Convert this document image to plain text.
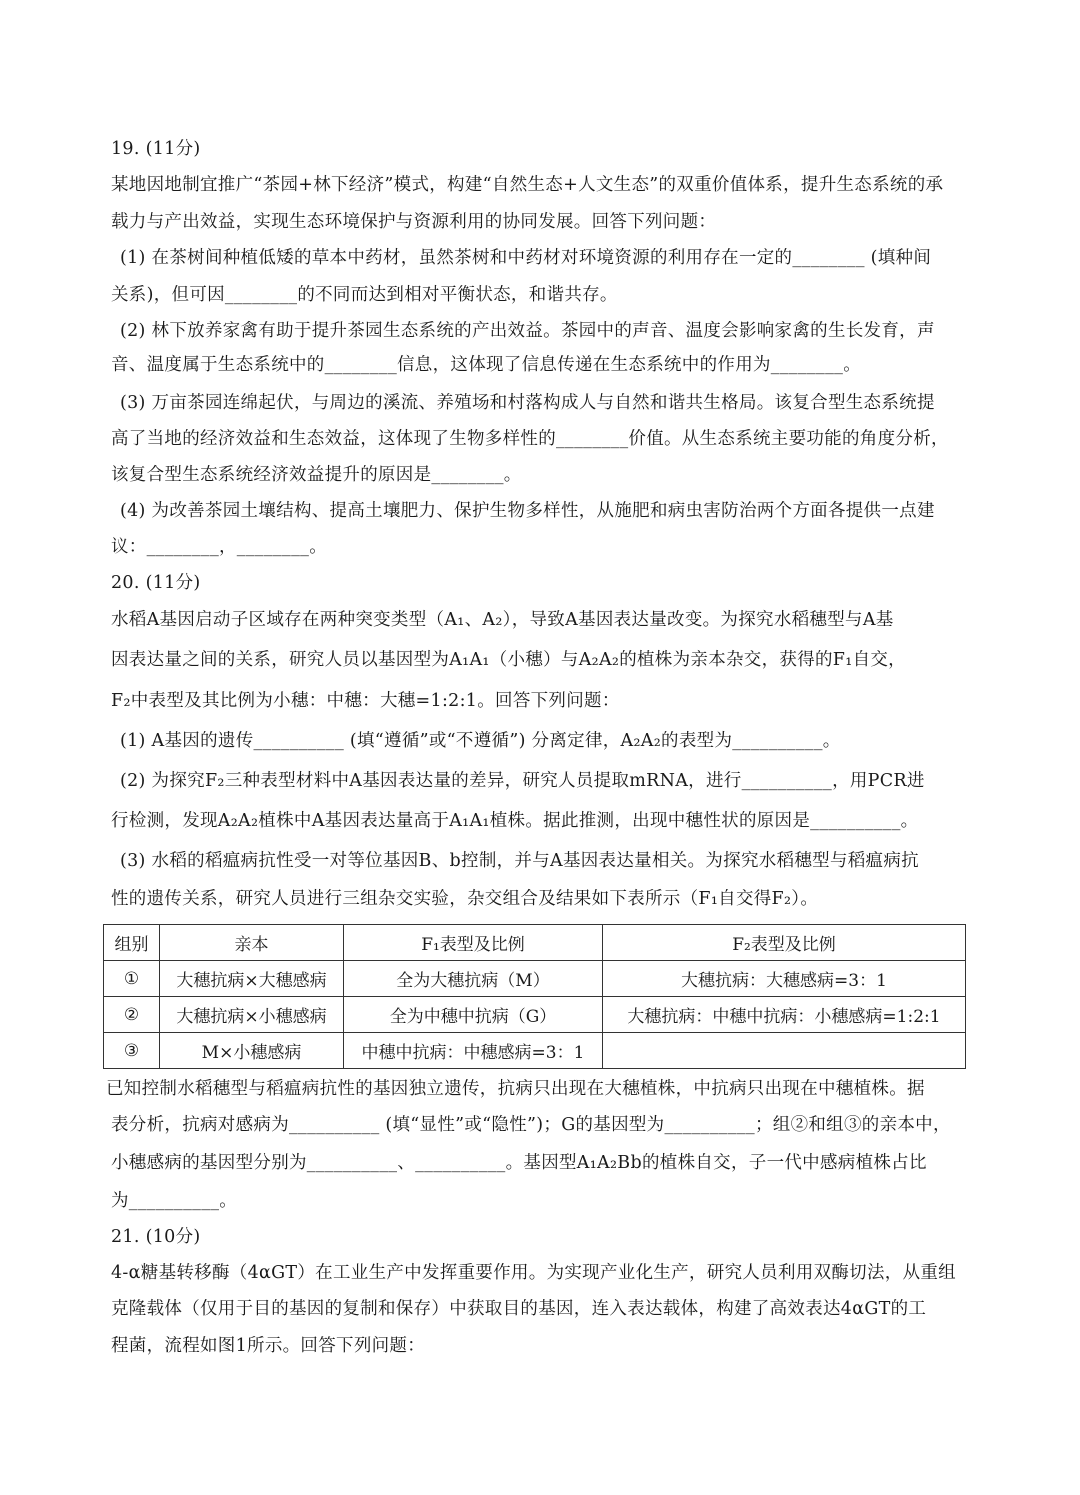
19. (11分)
某地因地制宜推广“茶园+林下经济”模式，构建“自然生态+人文生态”的双重价值体系，提升生态系统的承
载力与产出效益，实现生态环境保护与资源利用的协同发展。回答下列问题：
(1) 在茶树间种植低矮的草本中药材，虽然茶树和中药材对环境资源的利用存在一定的________ (填种间
关系)，但可因________的不同而达到相对平衡状态，和谐共存。
(2) 林下放养家禽有助于提升茶园生态系统的产出效益。茶园中的声音、温度会影响家禽的生长发育，声
音、温度属于生态系统中的________信息，这体现了信息传递在生态系统中的作用为________。
(3) 万亩茶园连绵起伏，与周边的溪流、养殖场和村落构成人与自然和谐共生格局。该复合型生态系统提
高了当地的经济效益和生态效益，这体现了生物多样性的________价值。从生态系统主要功能的角度分析，
该复合型生态系统经济效益提升的原因是________。
(4) 为改善茶园土壤结构、提高土壤肥力、保护生物多样性，从施肥和病虫害防治两个方面各提供一点建
议：________，________。
20. (11分)
水稻A基因启动子区域存在两种突变类型（A₁、A₂），导致A基因表达量改变。为探究水稻穗型与A基
因表达量之间的关系，研究人员以基因型为A₁A₁（小穗）与A₂A₂的植株为亲本杂交，获得的F₁自交，
F₂中表型及其比例为小穗：中穗：大穗=1:2:1。回答下列问题：
(1) A基因的遗传__________ (填“遵循”或“不遵循”) 分离定律，A₂A₂的表型为__________。
(2) 为探究F₂三种表型材料中A基因表达量的差异，研究人员提取mRNA，进行__________，用PCR进
行检测，发现A₂A₂植株中A基因表达量高于A₁A₁植株。据此推测，出现中穗性状的原因是__________。
(3) 水稻的稻瘟病抗性受一对等位基因B、b控制，并与A基因表达量相关。为探究水稻穗型与稻瘟病抗
性的遗传关系，研究人员进行三组杂交实验，杂交组合及结果如下表所示（F₁自交得F₂）。
组别	亲本	F₁表型及比例	F₂表型及比例
①	大穗抗病×大穗感病	全为大穗抗病（M）	大穗抗病：大穗感病=3：1
②	大穗抗病×小穗感病	全为中穗中抗病（G）	大穗抗病：中穗中抗病：小穗感病=1:2:1
③	M×小穗感病	中穗中抗病：中穗感病=3：1	
已知控制水稻穗型与稻瘟病抗性的基因独立遗传，抗病只出现在大穗植株，中抗病只出现在中穗植株。据
表分析，抗病对感病为__________ (填“显性”或“隐性”)；G的基因型为__________；组②和组③的亲本中，
小穗感病的基因型分别为__________、__________。基因型A₁A₂Bb的植株自交，子一代中感病植株占比
为__________。
21. (10分)
4-α糖基转移酶（4αGT）在工业生产中发挥重要作用。为实现产业化生产，研究人员利用双酶切法，从重组
克隆载体（仅用于目的基因的复制和保存）中获取目的基因，连入表达载体，构建了高效表达4αGT的工
程菌，流程如图1所示。回答下列问题：
